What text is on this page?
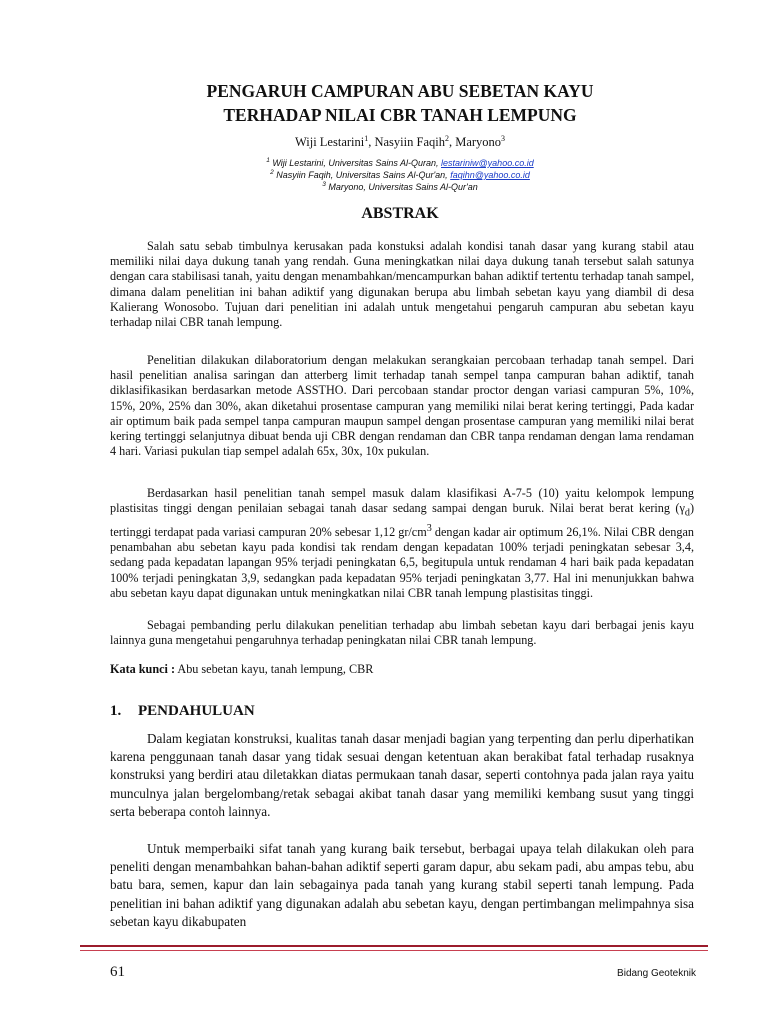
PENGARUH CAMPURAN ABU SEBETAN KAYU
TERHADAP NILAI CBR TANAH LEMPUNG
Wiji Lestarini$^1$, Nasyiin Faqih$^2$, Maryono$^3$
$^1$ Wiji Lestarini, Universitas Sains Al-Quran, lestariniw@yahoo.co.id
$^2$ Nasyiin Faqih, Universitas Sains Al-Qur'an, faqihn@yahoo.co.id
$^3$ Maryono, Universitas Sains Al-Qur'an
ABSTRAK

Salah satu sebab timbulnya kerusakan pada konstuksi adalah kondisi tanah dasar yang kurang stabil atau memiliki nilai daya dukung tanah yang rendah. Guna meningkatkan nilai daya dukung tanah tersebut salah satunya dengan cara stabilisasi tanah, yaitu dengan menambahkan/mencampurkan bahan adiktif tertentu terhadap tanah sampel, dimana dalam penelitian ini bahan adiktif yang digunakan berupa abu limbah sebetan kayu yang diambil di desa Kalierang Wonosobo. Tujuan dari penelitian ini adalah untuk mengetahui pengaruh campuran abu sebetan kayu terhadap nilai CBR tanah lempung.

Penelitian dilakukan dilaboratorium dengan melakukan serangkaian percobaan terhadap tanah sempel. Dari hasil penelitian analisa saringan dan atterberg limit terhadap tanah sempel tanpa campuran bahan adiktif, tanah diklasifikasikan berdasarkan metode ASSTHO. Dari percobaan standar proctor dengan variasi campuran 5%, 10%, 15%, 20%, 25% dan 30%, akan diketahui prosentase campuran yang memiliki nilai berat kering tertinggi, Pada kadar air optimum baik pada sempel tanpa campuran maupun sampel dengan prosentase campuran yang memiliki nilai berat kering tertinggi selanjutnya dibuat benda uji CBR dengan rendaman dan CBR tanpa rendaman dengan lama rendaman 4 hari. Variasi pukulan tiap sempel adalah 65x, 30x, 10x pukulan.

Berdasarkan hasil penelitian tanah sempel masuk dalam klasifikasi A-7-5 (10) yaitu kelompok lempung plastisitas tinggi dengan penilaian sebagai tanah dasar sedang sampai dengan buruk. Nilai berat berat kering $(\gamma_d)$ tertinggi terdapat pada variasi campuran 20% sebesar 1,12 $gr/cm^3$ dengan kadar air optimum 26,1%. Nilai CBR dengan penambahan abu sebetan kayu pada kondisi tak rendam dengan kepadatan 100% terjadi peningkatan sebesar 3,4, sedang pada kepadatan lapangan 95% terjadi peningkatan 6,5, begitupula untuk rendaman 4 hari baik pada kepadatan 100% terjadi peningkatan 3,9, sedangkan pada kepadatan 95% terjadi peningkatan 3,77. Hal ini menunjukkan bahwa abu sebetan kayu dapat digunakan untuk meningkatkan nilai CBR tanah lempung plastisitas tinggi.

Sebagai pembanding perlu dilakukan penelitian terhadap abu limbah sebetan kayu dari berbagai jenis kayu lainnya guna mengetahui pengaruhnya terhadap peningkatan nilai CBR tanah lempung.

Kata kunci : Abu sebetan kayu, tanah lempung, CBR

1. PENDAHULUAN

Dalam kegiatan konstruksi, kualitas tanah dasar menjadi bagian yang terpenting dan perlu diperhatikan karena penggunaan tanah dasar yang tidak sesuai dengan ketentuan akan berakibat fatal terhadap rusaknya konstruksi yang berdiri atau diletakkan diatas permukaan tanah dasar, seperti contohnya pada jalan raya yaitu munculnya jalan bergelombang/retak sebagai akibat tanah dasar yang memiliki kembang susut yang tinggi serta beberapa contoh lainnya.

Untuk memperbaiki sifat tanah yang kurang baik tersebut, berbagai upaya telah dilakukan oleh para peneliti dengan menambahkan bahan-bahan adiktif seperti garam dapur, abu sekam padi, abu ampas tebu, abu batu bara, semen, kapur dan lain sebagainya pada tanah yang kurang stabil seperti tanah lempung. Pada penelitian ini bahan adiktif yang digunakan adalah abu sebetan kayu, dengan pertimbangan melimpahnya sisa sebetan kayu dikabupaten

61	Bidang Geoteknik
